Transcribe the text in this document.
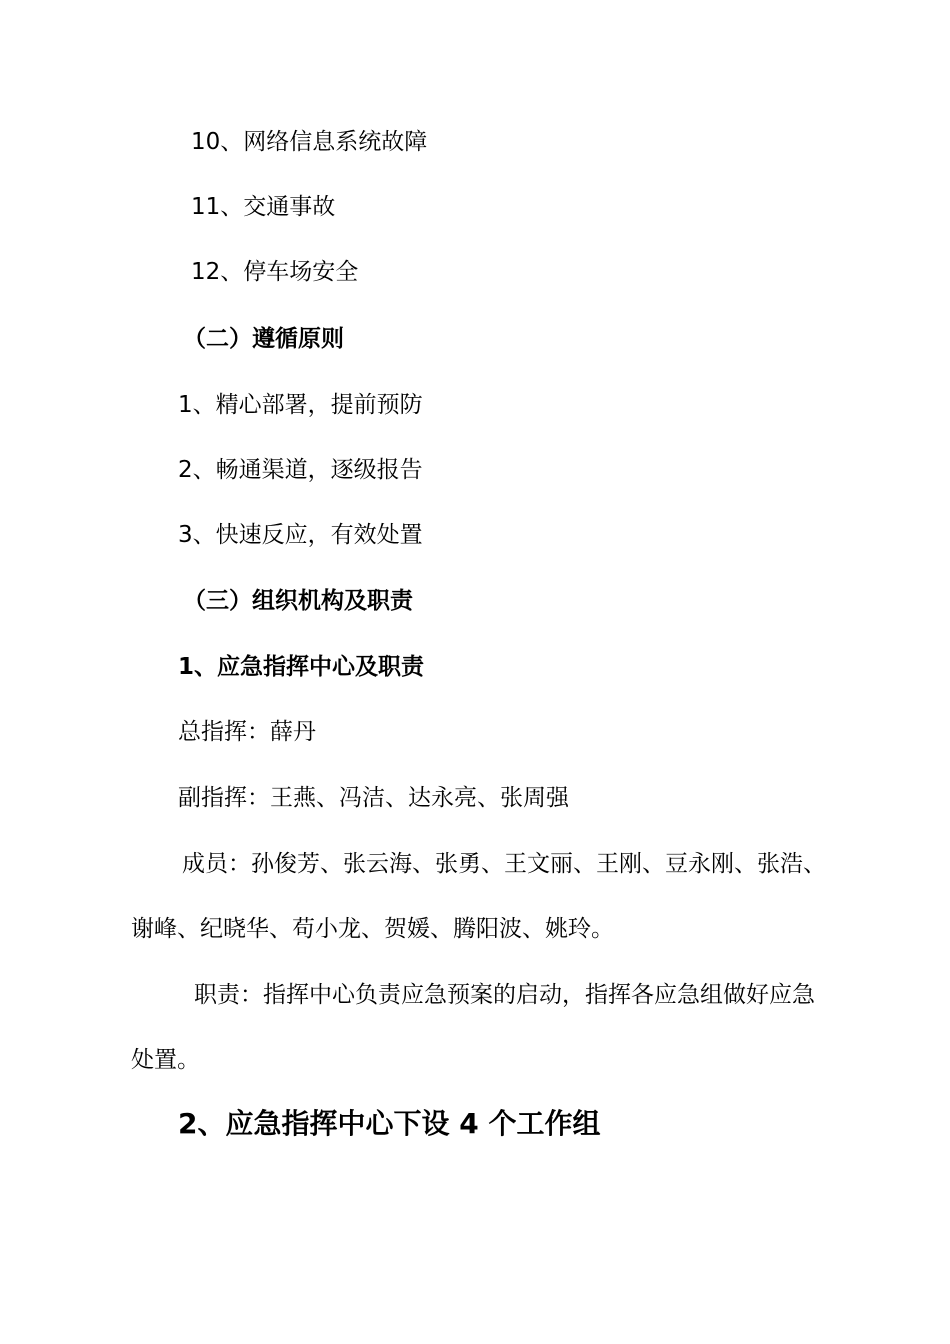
10、网络信息系统故障
11、交通事故
12、停车场安全
（二）遵循原则
1、精心部署，提前预防
2、畅通渠道，逐级报告
3、快速反应，有效处置
（三）组织机构及职责
1、应急指挥中心及职责
总指挥：薛丹
副指挥：王燕、冯洁、达永亮、张周强
成员：孙俊芳、张云海、张勇、王文丽、王刚、豆永刚、张浩、
谢峰、纪晓华、苟小龙、贺媛、腾阳波、姚玲。
职责：指挥中心负责应急预案的启动，指挥各应急组做好应急
处置。
2、应急指挥中心下设 4 个工作组
